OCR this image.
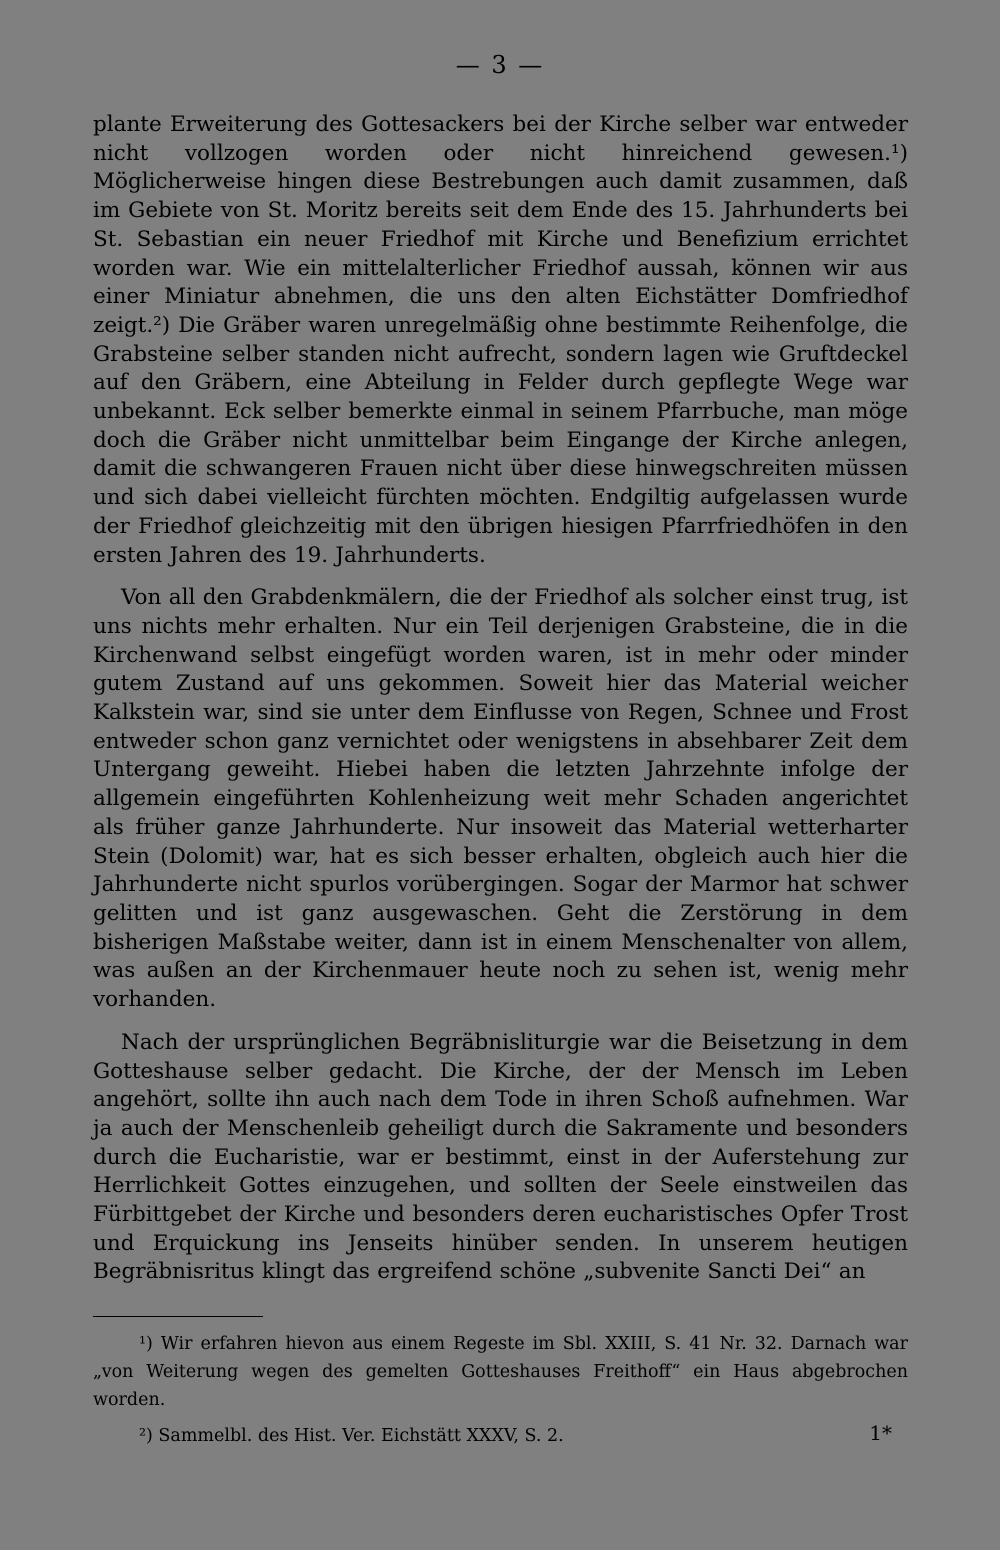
— 3 —

plante Erweiterung des Gottesackers bei der Kirche selber war entweder nicht vollzogen worden oder nicht hinreichend gewesen.¹) Möglicherweise hingen diese Bestrebungen auch damit zusammen, daß im Gebiete von St. Moritz bereits seit dem Ende des 15. Jahrhunderts bei St. Sebastian ein neuer Friedhof mit Kirche und Benefizium errichtet worden war. Wie ein mittelalterlicher Friedhof aussah, können wir aus einer Miniatur abnehmen, die uns den alten Eichstätter Domfriedhof zeigt.²) Die Gräber waren unregelmäßig ohne bestimmte Reihenfolge, die Grabsteine selber standen nicht aufrecht, sondern lagen wie Gruftdeckel auf den Gräbern, eine Abteilung in Felder durch gepflegte Wege war unbekannt. Eck selber bemerkte einmal in seinem Pfarrbuche, man möge doch die Gräber nicht unmittelbar beim Eingange der Kirche anlegen, damit die schwangeren Frauen nicht über diese hinwegschreiten müssen und sich dabei vielleicht fürchten möchten. Endgiltig aufgelassen wurde der Friedhof gleichzeitig mit den übrigen hiesigen Pfarrfriedhöfen in den ersten Jahren des 19. Jahrhunderts.

Von all den Grabdenkmälern, die der Friedhof als solcher einst trug, ist uns nichts mehr erhalten. Nur ein Teil derjenigen Grabsteine, die in die Kirchenwand selbst eingefügt worden waren, ist in mehr oder minder gutem Zustand auf uns gekommen. Soweit hier das Material weicher Kalkstein war, sind sie unter dem Einflusse von Regen, Schnee und Frost entweder schon ganz vernichtet oder wenigstens in absehbarer Zeit dem Untergang geweiht. Hiebei haben die letzten Jahrzehnte infolge der allgemein eingeführten Kohlenheizung weit mehr Schaden angerichtet als früher ganze Jahrhunderte. Nur insoweit das Material wetterharter Stein (Dolomit) war, hat es sich besser erhalten, obgleich auch hier die Jahrhunderte nicht spurlos vorübergingen. Sogar der Marmor hat schwer gelitten und ist ganz ausgewaschen. Geht die Zerstörung in dem bisherigen Maßstabe weiter, dann ist in einem Menschenalter von allem, was außen an der Kirchenmauer heute noch zu sehen ist, wenig mehr vorhanden.

Nach der ursprünglichen Begräbnisliturgie war die Beisetzung in dem Gotteshause selber gedacht. Die Kirche, der der Mensch im Leben angehört, sollte ihn auch nach dem Tode in ihren Schoß aufnehmen. War ja auch der Menschenleib geheiligt durch die Sakramente und besonders durch die Eucharistie, war er bestimmt, einst in der Auferstehung zur Herrlichkeit Gottes einzugehen, und sollten der Seele einstweilen das Fürbittgebet der Kirche und besonders deren eucharistisches Opfer Trost und Erquickung ins Jenseits hinüber senden. In unserem heutigen Begräbnisritus klingt das ergreifend schöne „subvenite Sancti Dei“ an

¹) Wir erfahren hievon aus einem Regeste im Sbl. XXIII, S. 41 Nr. 32. Darnach war „von Weiterung wegen des gemelten Gotteshauses Freithoff“ ein Haus abgebrochen worden.

²) Sammelbl. des Hist. Ver. Eichstätt XXXV, S. 2.	1*
